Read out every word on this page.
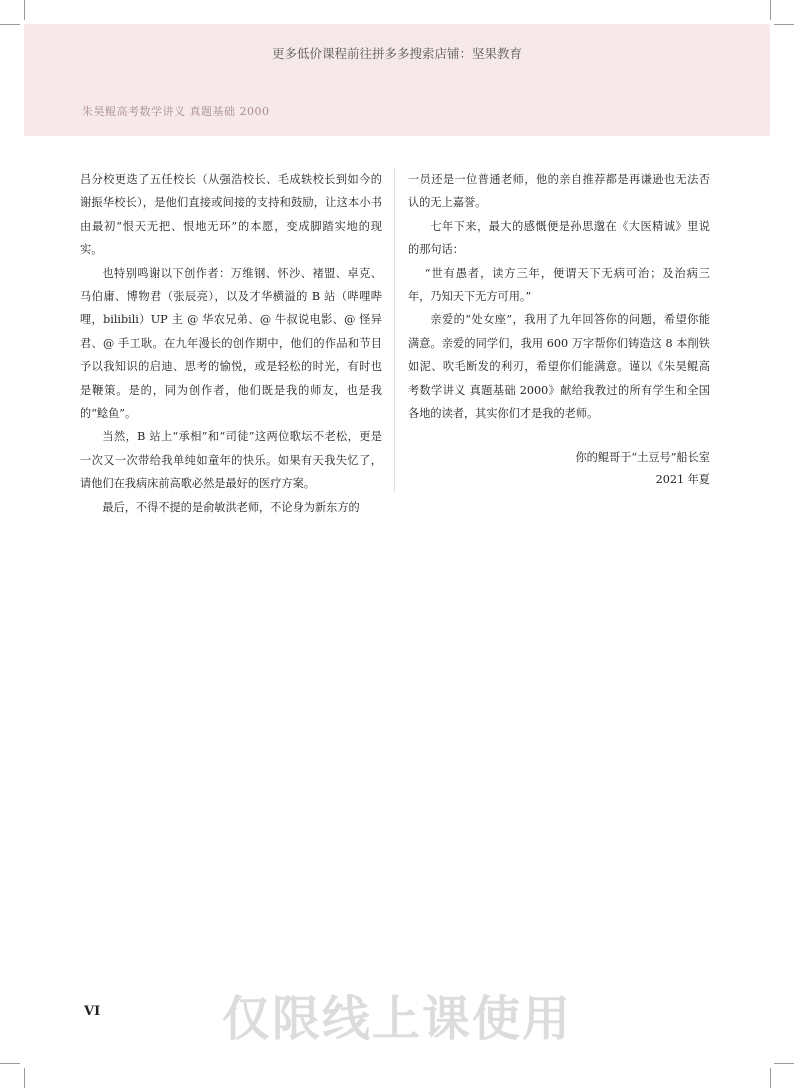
更多低价课程前往拼多多搜索店铺：坚果教育
朱昊鲲高考数学讲义 真题基础 2000

吕分校更迭了五任校长（从强浩校长、毛成轶校长到如今的谢振华校长），是他们直接或间接的支持和鼓励，让这本小书由最初“恨天无把、恨地无环”的本愿，变成脚踏实地的现实。

也特别鸣谢以下创作者：万维钢、怀沙、褚盟、卓克、马伯庸、博物君（张辰亮），以及才华横溢的 B 站（哔哩哔哩，bilibili）UP 主 @ 华农兄弟、@ 牛叔说电影、@ 怪异君、@ 手工耿。在九年漫长的创作期中，他们的作品和节目予以我知识的启迪、思考的愉悦，或是轻松的时光，有时也是鞭策。是的，同为创作者，他们既是我的师友，也是我的“鲶鱼”。

当然，B 站上“承相”和“司徒”这两位歌坛不老松，更是一次又一次带给我单纯如童年的快乐。如果有天我失忆了，请他们在我病床前高歌必然是最好的医疗方案。

最后，不得不提的是俞敏洪老师，不论身为新东方的

一员还是一位普通老师，他的亲自推荐都是再谦逊也无法否认的无上嘉誉。

七年下来，最大的感慨便是孙思邈在《大医精诚》里说的那句话：

“世有愚者，读方三年，便谓天下无病可治；及治病三年，乃知天下无方可用。”

亲爱的“处女座”，我用了九年回答你的问题，希望你能满意。亲爱的同学们，我用 600 万字帮你们铸造这 8 本削铁如泥、吹毛断发的利刃，希望你们能满意。谨以《朱昊鲲高考数学讲义 真题基础 2000》献给我教过的所有学生和全国各地的读者，其实你们才是我的老师。

你的鲲哥于“土豆号”船长室
2021 年夏
VI	仅限线上课使用
